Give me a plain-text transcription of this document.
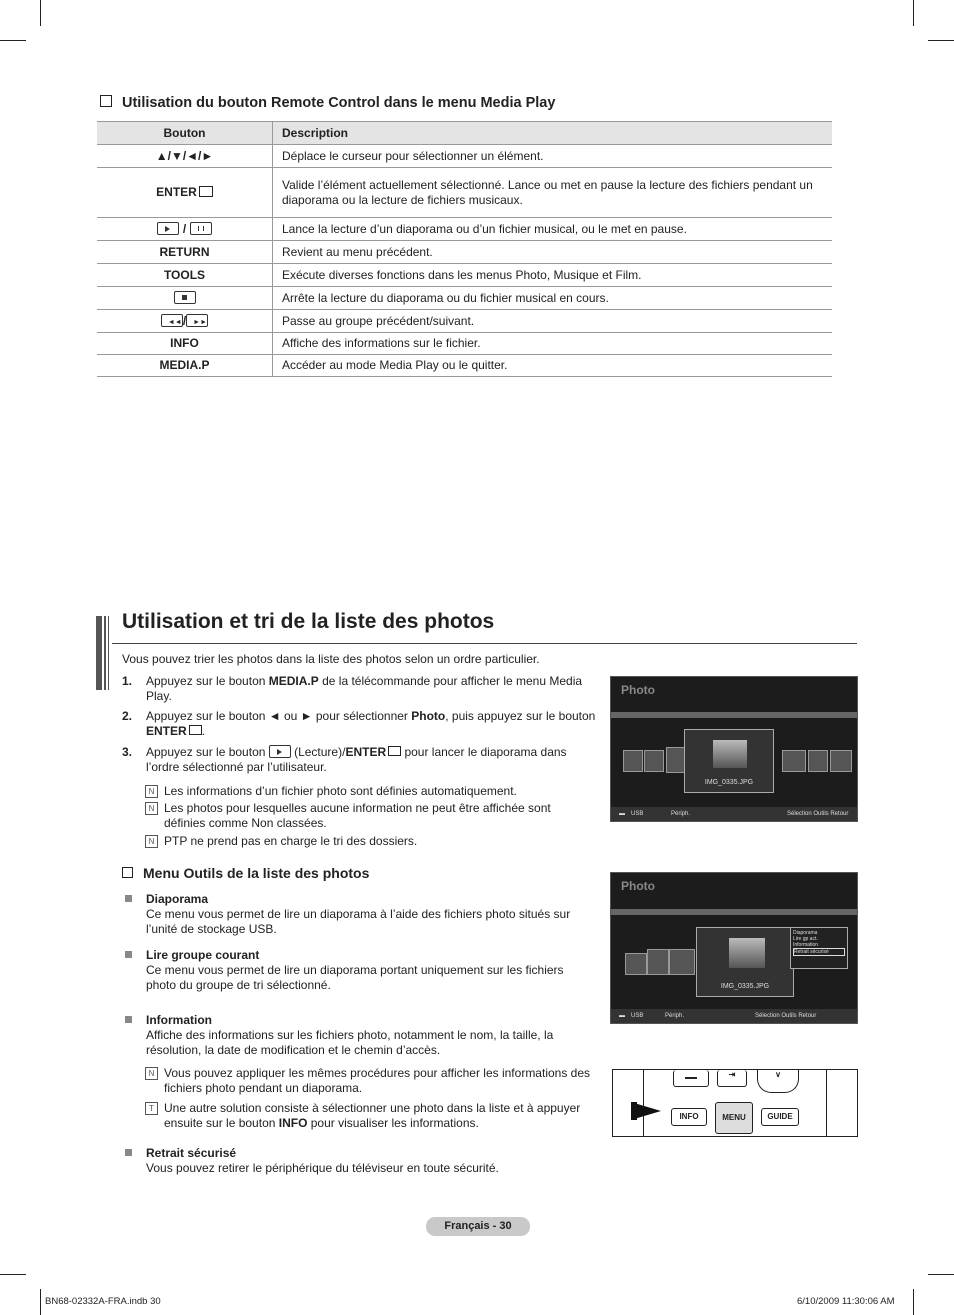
Utilisation du bouton Remote Control dans le menu Media Play
Bouton	Description
▲/▼/◄/►	Déplace le curseur pour sélectionner un élément.
ENTER	Valide l’élément actuellement sélectionné. Lance ou met en pause la lecture des fichiers pendant un diaporama ou la lecture de fichiers musicaux.

/	Lance la lecture d’un diaporama ou d’un fichier musical, ou le met en pause.
RETURN	Revient au menu précédent.
TOOLS	Exécute diverses fonctions dans les menus Photo, Musique et Film.

	Arrête la lecture du diaporama ou du fichier musical en cours.

◄◄ / ►►	Passe au groupe précédent/suivant.
INFO	Affiche des informations sur le fichier.
MEDIA.P	Accéder au mode Media Play ou le quitter.
Utilisation et tri de la liste des photos
Vous pouvez trier les photos dans la liste des photos selon un ordre particulier.
1. Appuyez sur le bouton MEDIA.P de la télécommande pour afficher le menu Media
Play.
2. Appuyez sur le bouton ◄ ou ► pour sélectionner Photo, puis appuyez sur le bouton
ENTER .
3. Appuyez sur le bouton
(Lecture)/ENTER pour lancer le diaporama dans
l’ordre sélectionné par l’utilisateur.
N Les informations d’un fichier photo sont définies automatiquement.
N Les photos pour lesquelles aucune information ne peut être affichée sont
définies comme Non classées.
N PTP ne prend pas en charge le tri des dossiers.
Menu Outils de la liste des photos
Diaporama
Ce menu vous permet de lire un diaporama à l’aide des fichiers photo situés sur
l’unité de stockage USB.
Lire groupe courant
Ce menu vous permet de lire un diaporama portant uniquement sur les fichiers
photo du groupe de tri sélectionné.
Information
Affiche des informations sur les fichiers photo, notamment le nom, la taille, la
résolution, la date de modification et le chemin d’accès.
N Vous pouvez appliquer les mêmes procédures pour afficher les informations des
fichiers photo pendant un diaporama.
T Une autre solution consiste à sélectionner une photo dans la liste et à appuyer
ensuite sur le bouton INFO pour visualiser les informations.
Retrait sécurisé
Vous pouvez retirer le périphérique du téléviseur en toute sécurité.
Photo
IMG_0335.JPG
▬ USB	Périph.	Sélection Outils Retour
Photo
IMG_0335.JPG
Diaporama
Lire gp act.
Information
Retrait sécurisé
▬ USB	Périph.	Sélection Outils Retour
⇥	∨
INFO	MENU	GUIDE
Français - 30
BN68-02332A-FRA.indb 30	6/10/2009 11:30:06 AM
